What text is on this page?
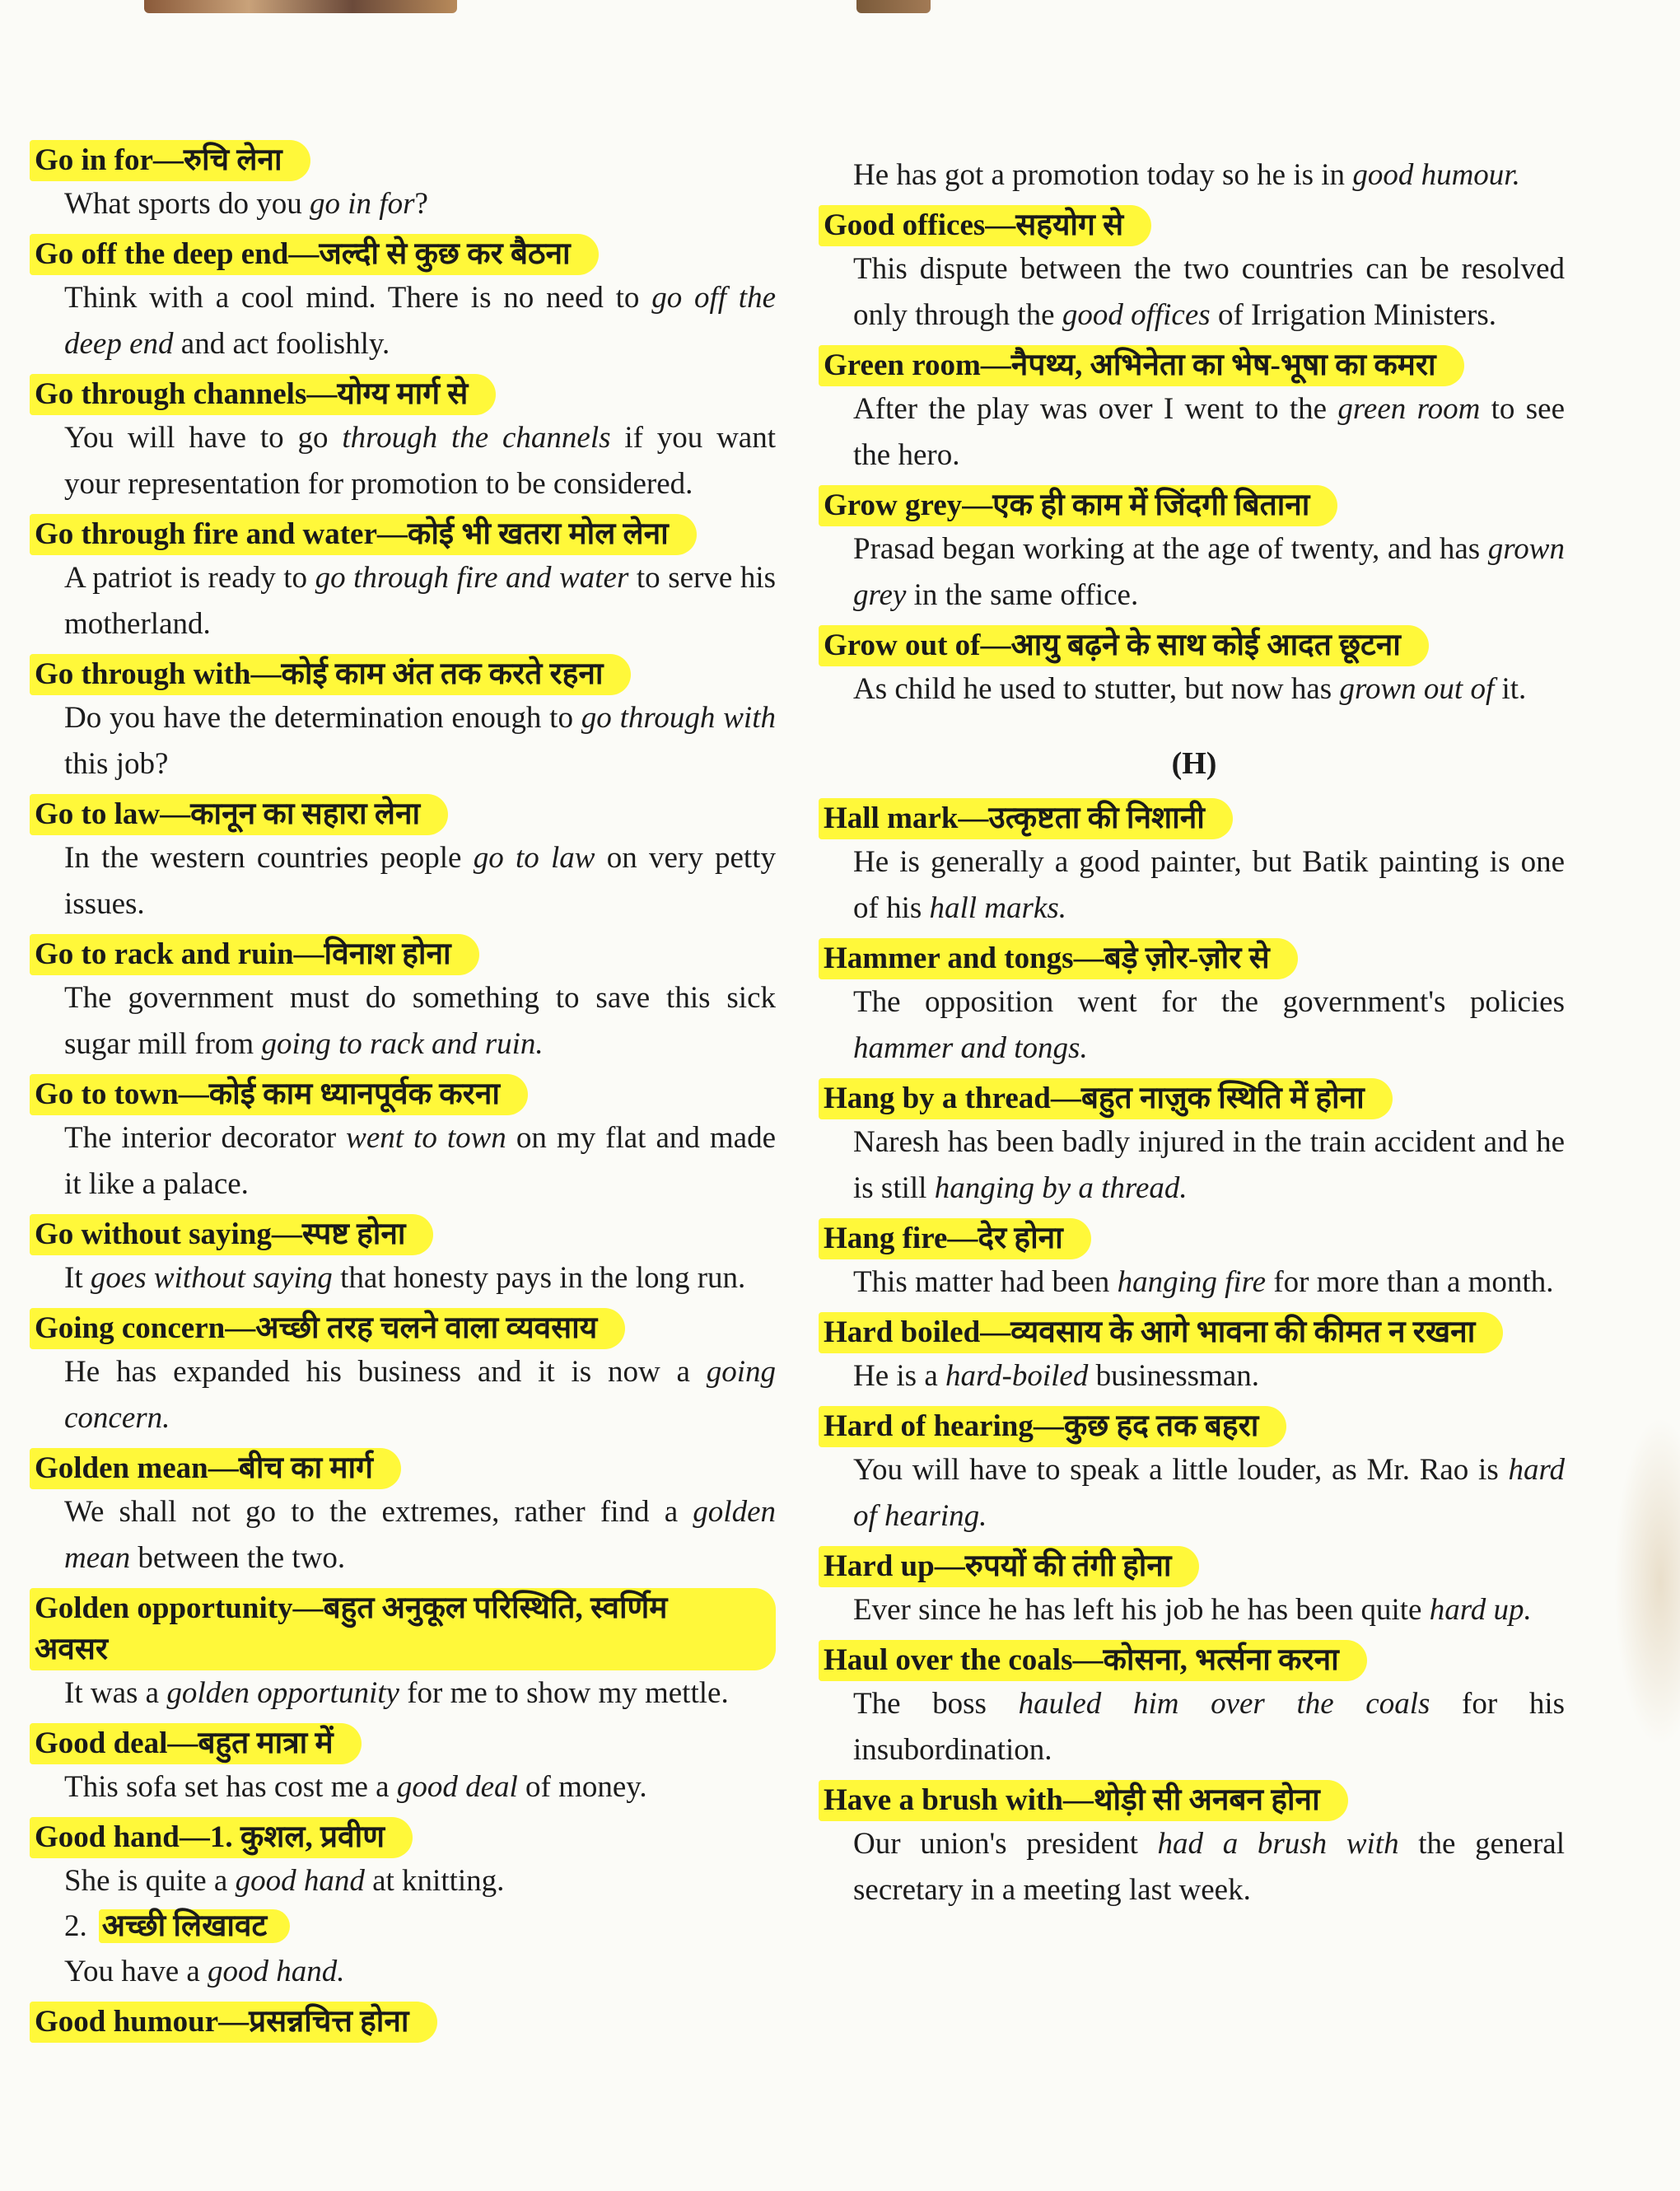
Go in for—रुचि लेना
What sports do you go in for?
Go off the deep end—जल्दी से कुछ कर बैठना
Think with a cool mind. There is no need to go off the deep end and act foolishly.
Go through channels—योग्य मार्ग से
You will have to go through the channels if you want your representation for promotion to be considered.
Go through fire and water—कोई भी खतरा मोल लेना
A patriot is ready to go through fire and water to serve his motherland.
Go through with—कोई काम अंत तक करते रहना
Do you have the determination enough to go through with this job?
Go to law—कानून का सहारा लेना
In the western countries people go to law on very petty issues.
Go to rack and ruin—विनाश होना
The government must do something to save this sick sugar mill from going to rack and ruin.
Go to town—कोई काम ध्यानपूर्वक करना
The interior decorator went to town on my flat and made it like a palace.
Go without saying—स्पष्ट होना
It goes without saying that honesty pays in the long run.
Going concern—अच्छी तरह चलने वाला व्यवसाय
He has expanded his business and it is now a going concern.
Golden mean—बीच का मार्ग
We shall not go to the extremes, rather find a golden mean between the two.
Golden opportunity—बहुत अनुकूल परिस्थिति, स्वर्णिम अवसर
It was a golden opportunity for me to show my mettle.
Good deal—बहुत मात्रा में
This sofa set has cost me a good deal of money.
Good hand—1. कुशल, प्रवीण
She is quite a good hand at knitting.
2. अच्छी लिखावट
You have a good hand.
Good humour—प्रसन्नचित्त होना
He has got a promotion today so he is in good humour.
Good offices—सहयोग से
This dispute between the two countries can be resolved only through the good offices of Irrigation Ministers.
Green room—नैपथ्य, अभिनेता का भेष-भूषा का कमरा
After the play was over I went to the green room to see the hero.
Grow grey—एक ही काम में जिंदगी बिताना
Prasad began working at the age of twenty, and has grown grey in the same office.
Grow out of—आयु बढ़ने के साथ कोई आदत छूटना
As child he used to stutter, but now has grown out of it.
(H)
Hall mark—उत्कृष्टता की निशानी
He is generally a good painter, but Batik painting is one of his hall marks.
Hammer and tongs—बड़े ज़ोर-ज़ोर से
The opposition went for the government's policies hammer and tongs.
Hang by a thread—बहुत नाज़ुक स्थिति में होना
Naresh has been badly injured in the train accident and he is still hanging by a thread.
Hang fire—देर होना
This matter had been hanging fire for more than a month.
Hard boiled—व्यवसाय के आगे भावना की कीमत न रखना
He is a hard-boiled businessman.
Hard of hearing—कुछ हद तक बहरा
You will have to speak a little louder, as Mr. Rao is hard of hearing.
Hard up—रुपयों की तंगी होना
Ever since he has left his job he has been quite hard up.
Haul over the coals—कोसना, भर्त्सना करना
The boss hauled him over the coals for his insubordination.
Have a brush with—थोड़ी सी अनबन होना
Our union's president had a brush with the general secretary in a meeting last week.
